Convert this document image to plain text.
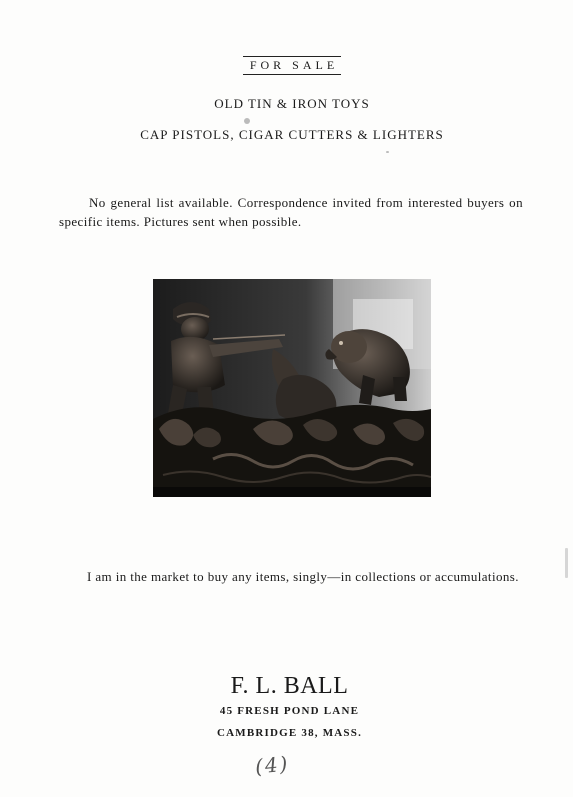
FOR SALE
OLD TIN & IRON TOYS
CAP PISTOLS, CIGAR CUTTERS & LIGHTERS
No general list available. Correspondence invited from interested buyers on specific items. Pictures sent when possible.
I am in the market to buy any items, singly—in collections or accumulations.
F. L. BALL
45 FRESH POND LANE
CAMBRIDGE 38, MASS.
(4)
